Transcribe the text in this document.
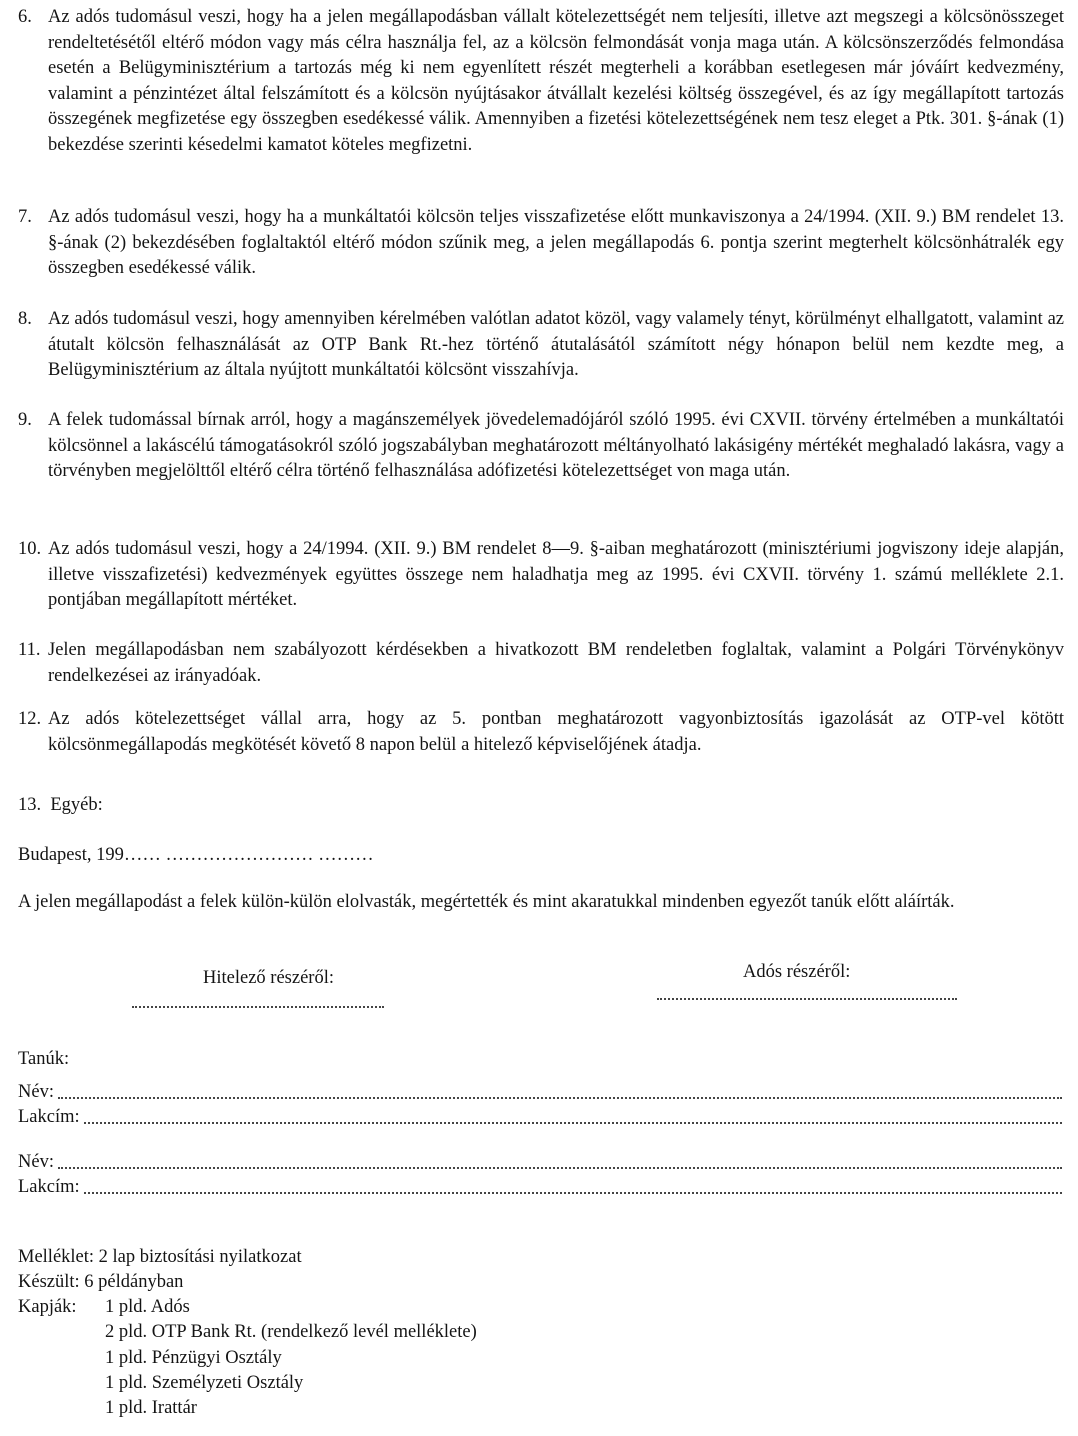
6. Az adós tudomásul veszi, hogy ha a jelen megállapodásban vállalt kötelezettségét nem teljesíti, illetve azt megszegi a kölcsönösszeget rendeltetésétől eltérő módon vagy más célra használja fel, az a kölcsön felmondását vonja maga után. A kölcsönszerződés felmondása esetén a Belügyminisztérium a tartozás még ki nem egyenlített részét megterheli a korábban esetlegesen már jóváírt kedvezmény, valamint a pénzintézet által felszámított és a kölcsön nyújtásakor átvállalt kezelési költség összegével, és az így megállapított tartozás összegének megfizetése egy összegben esedékessé válik. Amennyiben a fizetési kötelezettségének nem tesz eleget a Ptk. 301. §-ának (1) bekezdése szerinti késedelmi kamatot köteles megfizetni.
7. Az adós tudomásul veszi, hogy ha a munkáltatói kölcsön teljes visszafizetése előtt munkaviszonya a 24/1994. (XII. 9.) BM rendelet 13. §-ának (2) bekezdésében foglaltaktól eltérő módon szűnik meg, a jelen megállapodás 6. pontja szerint megterhelt kölcsönhátralék egy összegben esedékessé válik.
8. Az adós tudomásul veszi, hogy amennyiben kérelmében valótlan adatot közöl, vagy valamely tényt, körülményt elhallgatott, valamint az átutalt kölcsön felhasználását az OTP Bank Rt.-hez történő átutalásától számított négy hónapon belül nem kezdte meg, a Belügyminisztérium az általa nyújtott munkáltatói kölcsönt visszahívja.
9. A felek tudomással bírnak arról, hogy a magánszemélyek jövedelemadójáról szóló 1995. évi CXVII. törvény értelmében a munkáltatói kölcsönnel a lakáscélú támogatásokról szóló jogszabályban meghatározott méltányolható lakásigény mértékét meghaladó lakásra, vagy a törvényben megjelölttől eltérő célra történő felhasználása adófizetési kötelezettséget von maga után.
10. Az adós tudomásul veszi, hogy a 24/1994. (XII. 9.) BM rendelet 8—9. §-aiban meghatározott (minisztériumi jogviszony ideje alapján, illetve visszafizetési) kedvezmények együttes összege nem haladhatja meg az 1995. évi CXVII. törvény 1. számú melléklete 2.1. pontjában megállapított mértéket.
11. Jelen megállapodásban nem szabályozott kérdésekben a hivatkozott BM rendeletben foglaltak, valamint a Polgári Törvénykönyv rendelkezései az irányadóak.
12. Az adós kötelezettséget vállal arra, hogy az 5. pontban meghatározott vagyonbiztosítás igazolását az OTP-vel kötött kölcsönmegállapodás megkötését követő 8 napon belül a hitelező képviselőjének átadja.
13.  Egyéb:
Budapest, 199…… …………………… ………
A jelen megállapodást a felek külön-külön elolvasták, megértették és mint akaratukkal mindenben egyezőt tanúk előtt aláírták.
Hitelező részéről:	Adós részéről:
Tanúk:
Név:
Lakcím:
Név:
Lakcím:
Melléklet: 2 lap biztosítási nyilatkozat
Készült: 6 példányban
Kapják: 1 pld. Adós
2 pld. OTP Bank Rt. (rendelkező levél melléklete)
1 pld. Pénzügyi Osztály
1 pld. Személyzeti Osztály
1 pld. Irattár
